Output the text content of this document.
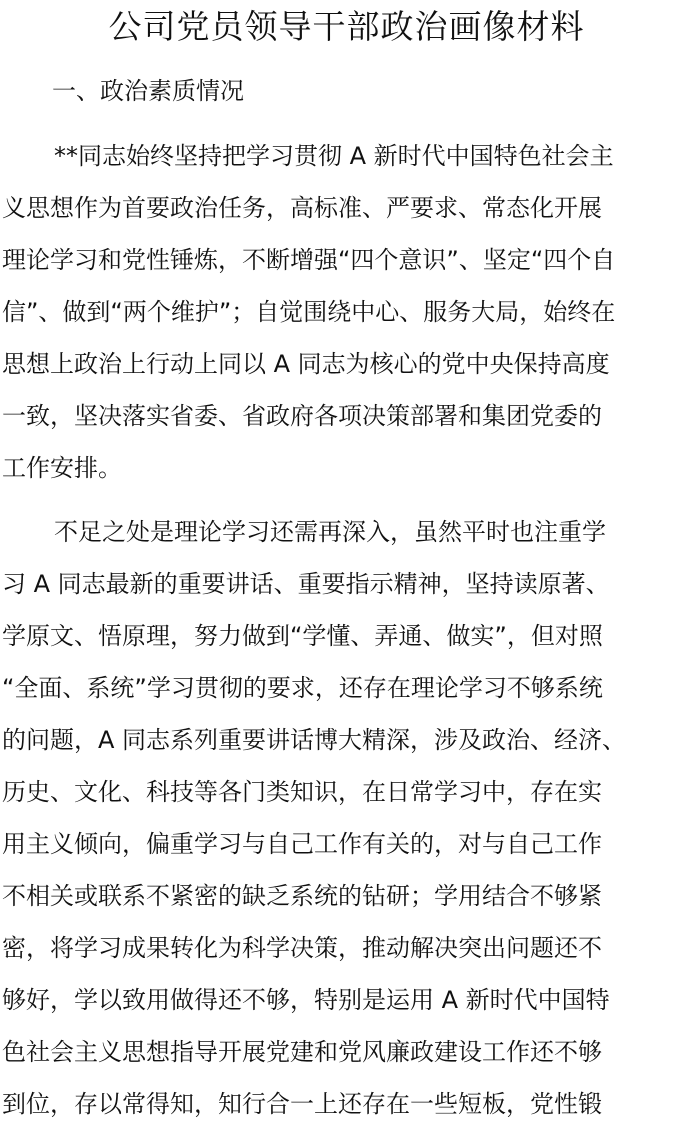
公司党员领导干部政治画像材料
一、政治素质情况
**同志始终坚持把学习贯彻 A 新时代中国特色社会主
义思想作为首要政治任务，高标准、严要求、常态化开展
理论学习和党性锤炼，不断增强“四个意识”、坚定“四个自
信”、做到“两个维护”；自觉围绕中心、服务大局，始终在
思想上政治上行动上同以 A 同志为核心的党中央保持高度
一致，坚决落实省委、省政府各项决策部署和集团党委的
工作安排。
不足之处是理论学习还需再深入，虽然平时也注重学
习 A 同志最新的重要讲话、重要指示精神，坚持读原著、
学原文、悟原理，努力做到“学懂、弄通、做实”，但对照
“全面、系统”学习贯彻的要求，还存在理论学习不够系统
的问题，A 同志系列重要讲话博大精深，涉及政治、经济、
历史、文化、科技等各门类知识，在日常学习中，存在实
用主义倾向，偏重学习与自己工作有关的，对与自己工作
不相关或联系不紧密的缺乏系统的钻研；学用结合不够紧
密，将学习成果转化为科学决策，推动解决突出问题还不
够好，学以致用做得还不够，特别是运用 A 新时代中国特
色社会主义思想指导开展党建和党风廉政建设工作还不够
到位，存以常得知，知行合一上还存在一些短板，党性锻
